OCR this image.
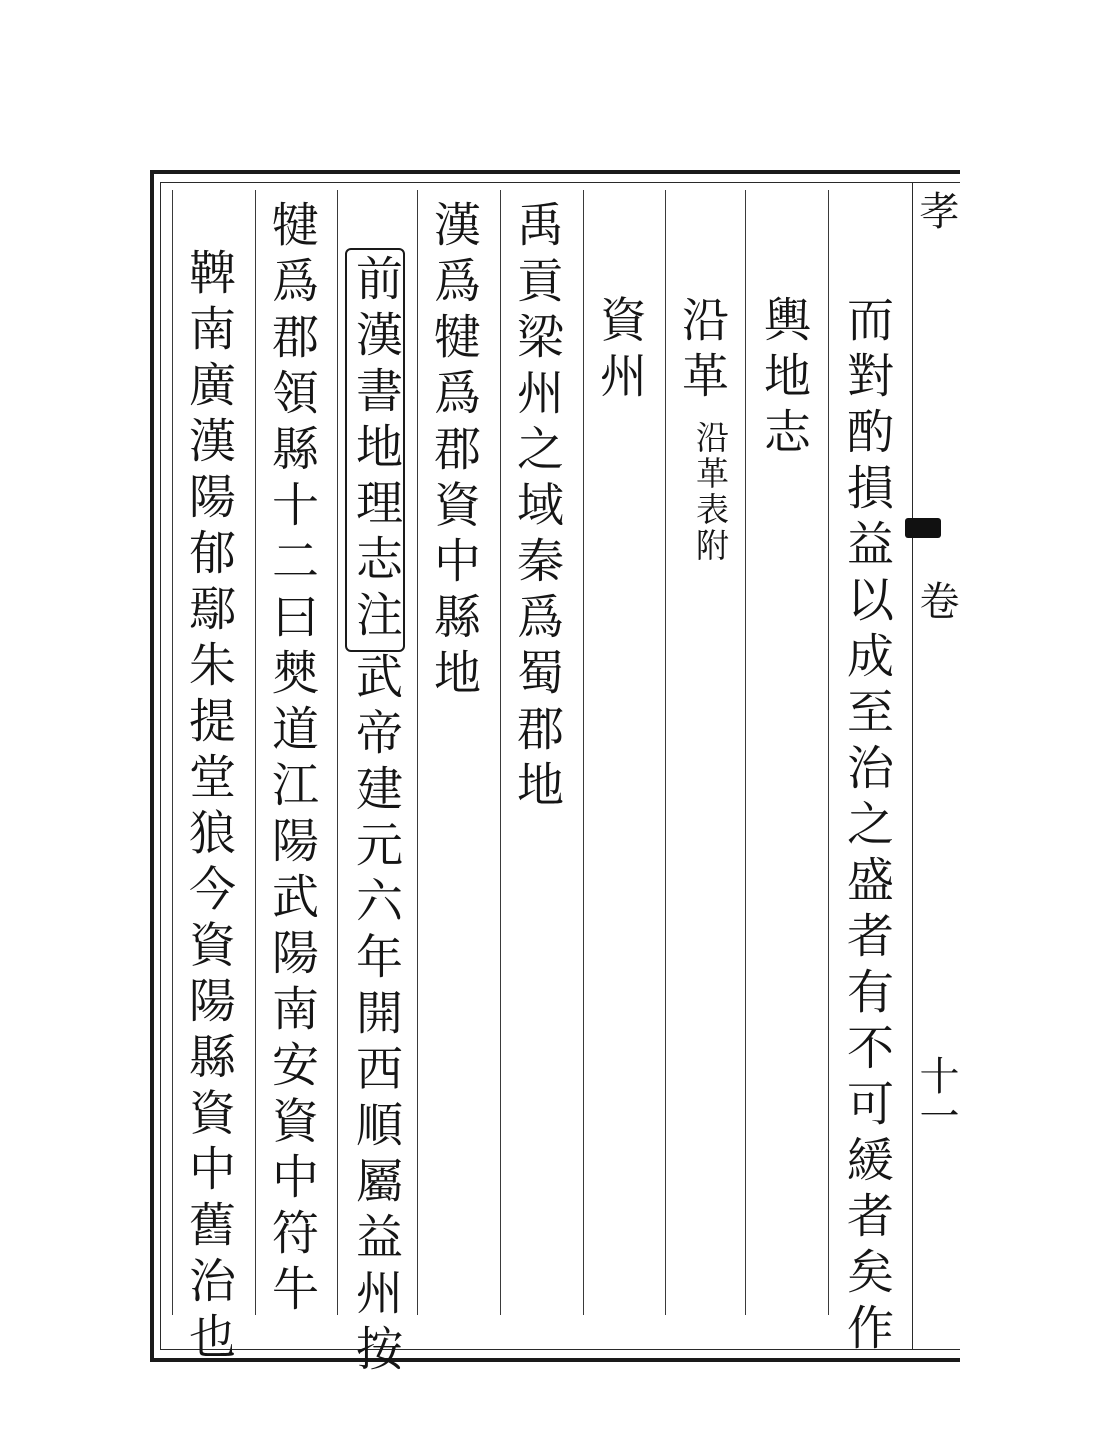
孝
卷
十一
而對酌損益以成至治之盛者有不可緩者矣作
輿地志
沿革
沿革表附
資州
禹貢梁州之域秦爲蜀郡地
漢爲犍爲郡資中縣地
前漢書地理志注武帝建元六年開西順屬益州按
犍爲郡領縣十二曰僰道江陽武陽南安資中符牛
鞞南廣漢陽郁鄢朱提堂狼今資陽縣資中舊治也
